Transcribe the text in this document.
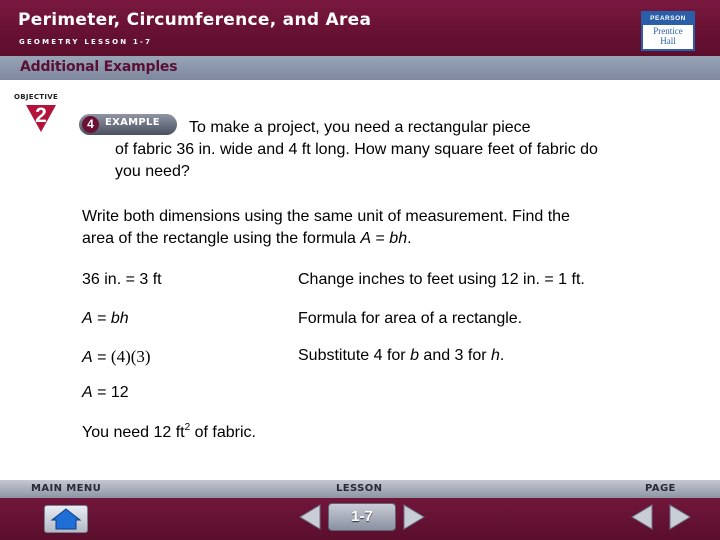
Perimeter, Circumference, and Area
GEOMETRY LESSON 1-7
PEARSON
Prentice
Hall
Additional Examples
OBJECTIVE
2	4	EXAMPLE	To make a project, you need a rectangular piece
of fabric 36 in. wide and 4 ft long. How many square feet of fabric do
you need?
Write both dimensions using the same unit of measurement. Find the
area of the rectangle using the formula A = bh.
36 in. = 3 ft	Change inches to feet using 12 in. = 1 ft.
A = bh	Formula for area of a rectangle.
A = (4)(3)	Substitute 4 for b and 3 for h.
A = 12
You need 12 $ft^2$ of fabric.
MAIN MENU	LESSON	PAGE
1-7
